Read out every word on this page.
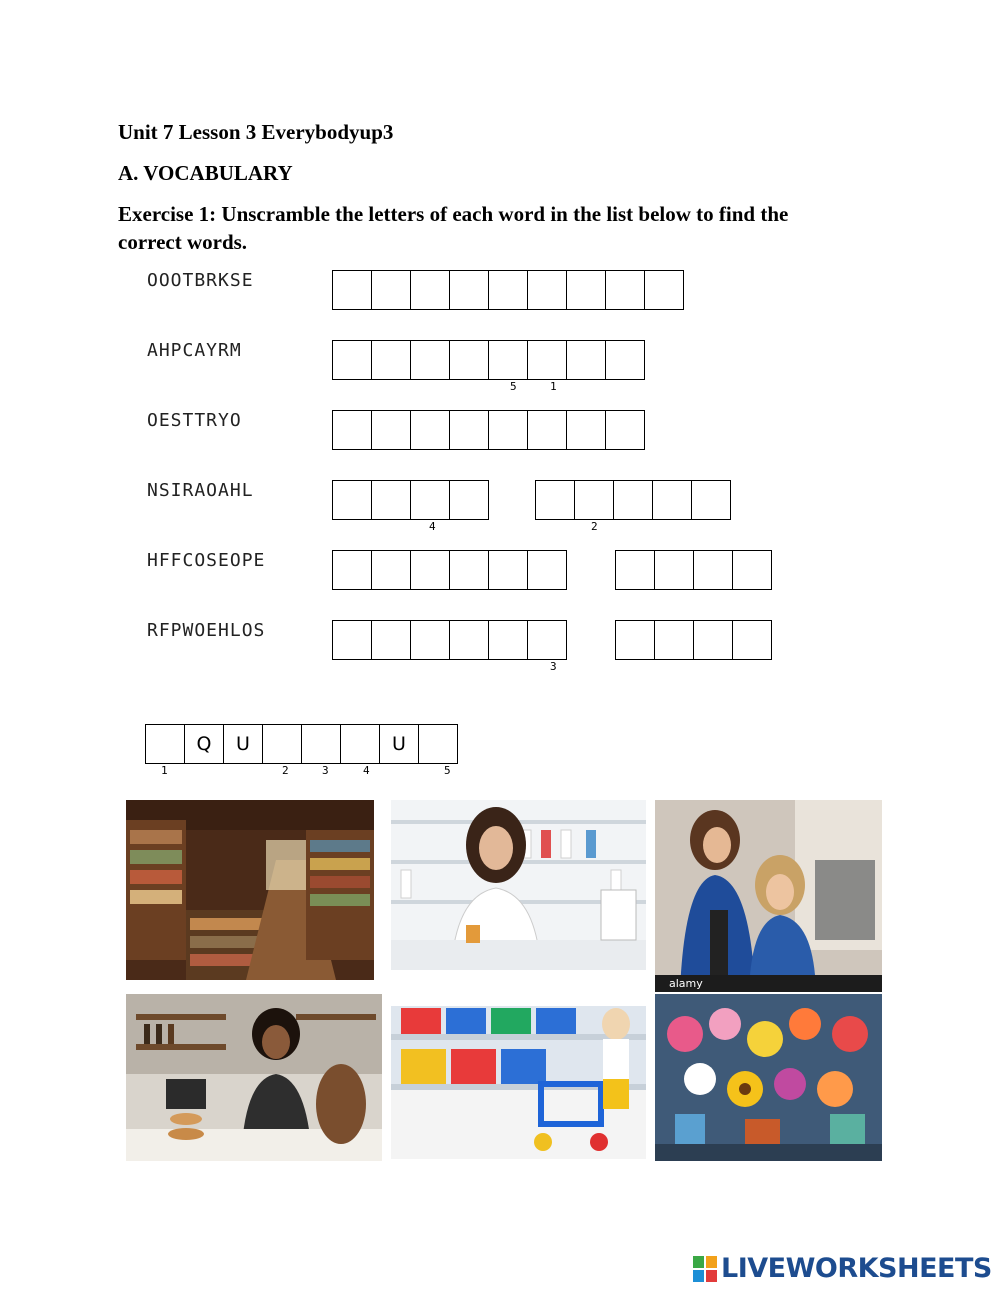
Unit 7 Lesson 3 Everybodyup3
A. VOCABULARY
Exercise 1: Unscramble the letters of each word in the list below to find the
correct words.
OOOTBRKSE
AHPCAYRM
5	1
OESTTRYO
NSIRAOAHL
4	2
HFFCOSEOPE
RFPWOEHLOS
3
Q	U	U
1	2	3	4	5
alamy
LIVEWORKSHEETS
